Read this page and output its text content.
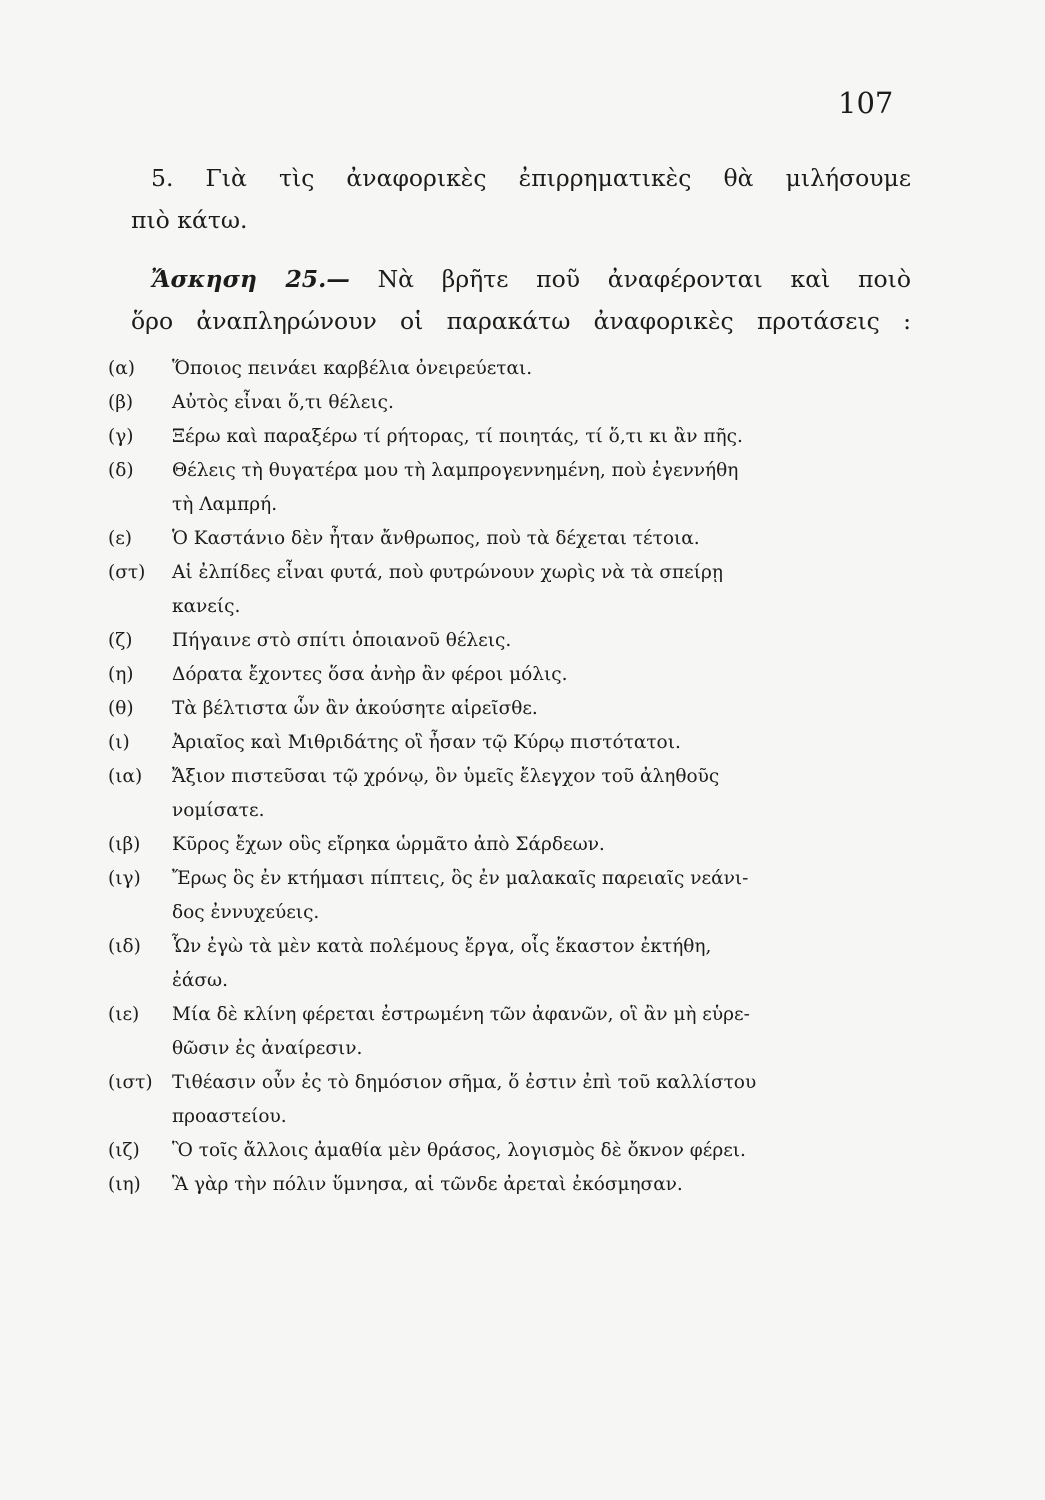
107
5. Γιὰ τὶς ἀναφορικὲς ἐπιρρηματικὲς θὰ μιλήσουμε
πιὸ κάτω.
Ἄσκηση 25.— Νὰ βρῆτε ποῦ ἀναφέρονται καὶ ποιὸ
ὅρο ἀναπληρώνουν οἱ παρακάτω ἀναφορικὲς προτάσεις :
(α)	Ὅποιος πεινάει καρβέλια ὀνειρεύεται.
(β)	Αὐτὸς εἶναι ὅ,τι θέλεις.
(γ)	Ξέρω καὶ παραξέρω τί ρήτορας, τί ποιητάς, τί ὅ,τι κι ἂν πῆς.
(δ)	Θέλεις τὴ θυγατέρα μου τὴ λαμπρογεννημένη, ποὺ ἐγεννήθη
τὴ Λαμπρή.
(ε)	Ὁ Καστάνιο δὲν ἦταν ἄνθρωπος, ποὺ τὰ δέχεται τέτοια.
(στ)	Αἱ ἐλπίδες εἶναι φυτά, ποὺ φυτρώνουν χωρὶς νὰ τὰ σπείρῃ
κανείς.
(ζ)	Πήγαινε στὸ σπίτι ὁποιανοῦ θέλεις.
(η)	Δόρατα ἔχοντες ὅσα ἀνὴρ ἂν φέροι μόλις.
(θ)	Τὰ βέλτιστα ὧν ἂν ἀκούσητε αἱρεῖσθε.
(ι)	Ἀριαῖος καὶ Μιθριδάτης οἳ ἦσαν τῷ Κύρῳ πιστότατοι.
(ια)	Ἄξιον πιστεῦσαι τῷ χρόνῳ, ὃν ὑμεῖς ἔλεγχον τοῦ ἀληθοῦς
νομίσατε.
(ιβ)	Κῦρος ἔχων οὓς εἴρηκα ὡρμᾶτο ἀπὸ Σάρδεων.
(ιγ)	Ἔρως ὃς ἐν κτήμασι πίπτεις, ὃς ἐν μαλακαῖς παρειαῖς νεάνι-
δος ἐννυχεύεις.
(ιδ)	Ὧν ἐγὼ τὰ μὲν κατὰ πολέμους ἔργα, οἷς ἕκαστον ἐκτήθη,
ἐάσω.
(ιε)	Μία δὲ κλίνη φέρεται ἐστρωμένη τῶν ἀφανῶν, οἳ ἂν μὴ εὑρε-
θῶσιν ἐς ἀναίρεσιν.
(ιστ)	Τιθέασιν οὖν ἐς τὸ δημόσιον σῆμα, ὅ ἐστιν ἐπὶ τοῦ καλλίστου
προαστείου.
(ιζ)	Ὃ τοῖς ἄλλοις ἀμαθία μὲν θράσος, λογισμὸς δὲ ὄκνον φέρει.
(ιη)	Ἃ γὰρ τὴν πόλιν ὕμνησα, αἱ τῶνδε ἀρεταὶ ἐκόσμησαν.
